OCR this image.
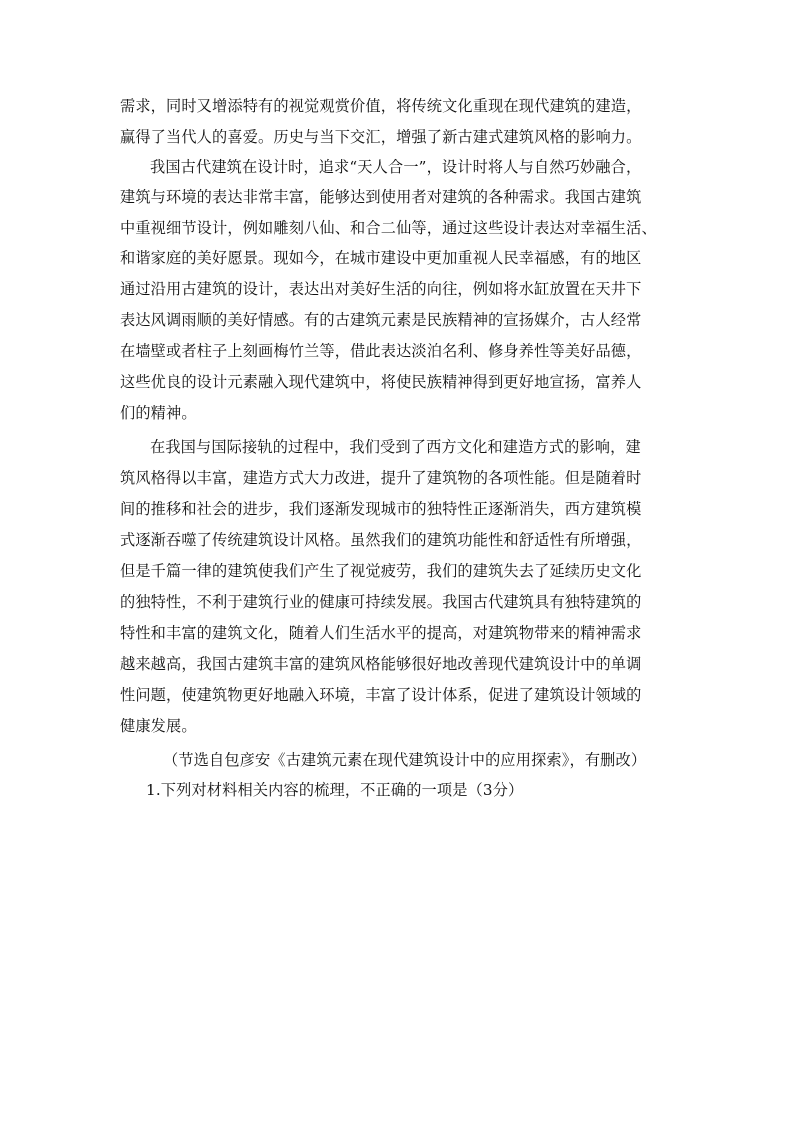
需求，同时又增添特有的视觉观赏价值，将传统文化重现在现代建筑的建造，
赢得了当代人的喜爱。历史与当下交汇，增强了新古建式建筑风格的影响力。
我国古代建筑在设计时，追求“天人合一”，设计时将人与自然巧妙融合，
建筑与环境的表达非常丰富，能够达到使用者对建筑的各种需求。我国古建筑
中重视细节设计，例如雕刻八仙、和合二仙等，通过这些设计表达对幸福生活、
和谐家庭的美好愿景。现如今，在城市建设中更加重视人民幸福感，有的地区
通过沿用古建筑的设计，表达出对美好生活的向往，例如将水缸放置在天井下
表达风调雨顺的美好情感。有的古建筑元素是民族精神的宣扬媒介，古人经常
在墙壁或者柱子上刻画梅竹兰等，借此表达淡泊名利、修身养性等美好品德，
这些优良的设计元素融入现代建筑中，将使民族精神得到更好地宣扬，富养人
们的精神。
在我国与国际接轨的过程中，我们受到了西方文化和建造方式的影响，建
筑风格得以丰富，建造方式大力改进，提升了建筑物的各项性能。但是随着时
间的推移和社会的进步，我们逐渐发现城市的独特性正逐渐消失，西方建筑模
式逐渐吞噬了传统建筑设计风格。虽然我们的建筑功能性和舒适性有所增强，
但是千篇一律的建筑使我们产生了视觉疲劳，我们的建筑失去了延续历史文化
的独特性，不利于建筑行业的健康可持续发展。我国古代建筑具有独特建筑的
特性和丰富的建筑文化，随着人们生活水平的提高，对建筑物带来的精神需求
越来越高，我国古建筑丰富的建筑风格能够很好地改善现代建筑设计中的单调
性问题，使建筑物更好地融入环境，丰富了设计体系，促进了建筑设计领域的
健康发展。
（节选自包彦安《古建筑元素在现代建筑设计中的应用探索》，有删改）
1.下列对材料相关内容的梳理，不正确的一项是（3分）
